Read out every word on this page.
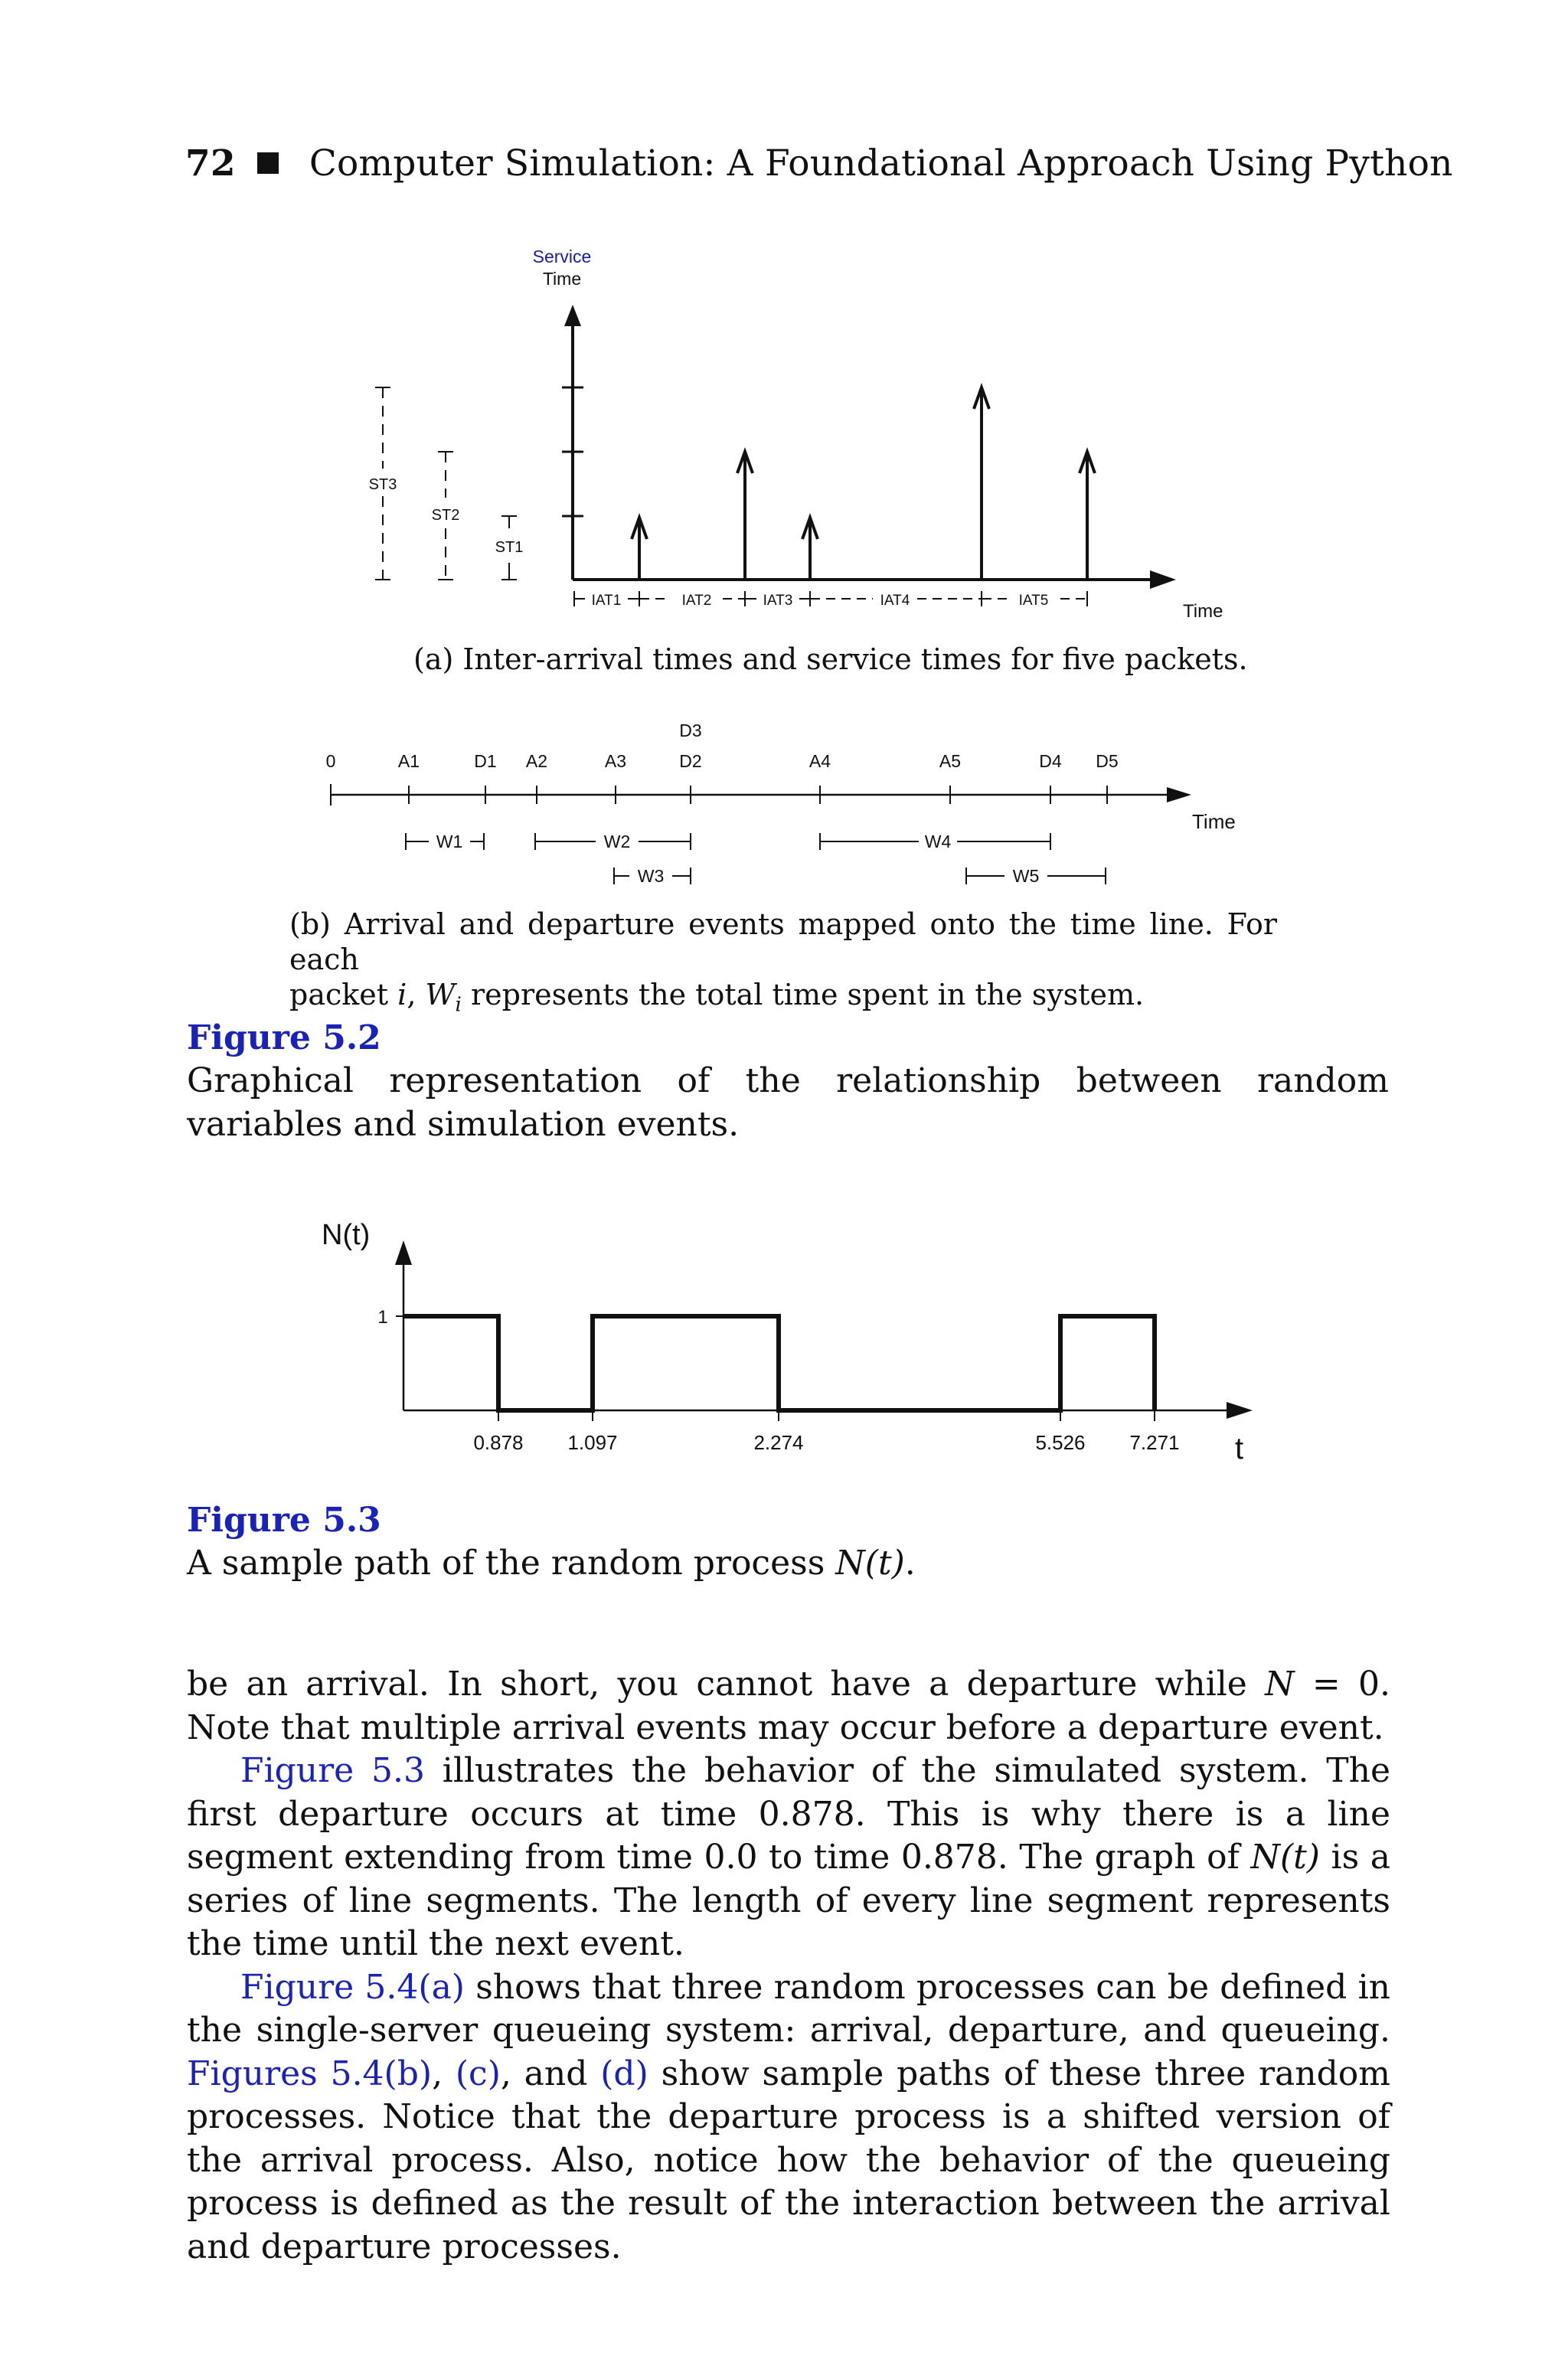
72 Computer Simulation: A Foundational Approach Using Python
Service
Time
Time
ST3
ST2
ST1
IAT1	IAT2	IAT3	IAT4	IAT5
(a) Inter-arrival times and service times for five packets.
0	A1	D1 A2	A3
D3
D2	A4	A5	D4 D5
Time
W1	W2
W3
W4
W5
(b) Arrival and departure events mapped onto the time line. For each
packet i, $W_i$ represents the total time spent in the system.
Figure 5.2
Graphical representation of the relationship between random variables and simulation events.
N(t)
t
1
0.878 1.097	2.274	5.526 7.271
Figure 5.3
A sample path of the random process N(t).

be an arrival. In short, you cannot have a departure while N = 0. Note that multiple arrival events may occur before a departure event.

Figure 5.3 illustrates the behavior of the simulated system. The first departure occurs at time 0.878. This is why there is a line segment extending from time 0.0 to time 0.878. The graph of N(t) is a series of line segments. The length of every line segment represents the time until the next event.

Figure 5.4(a) shows that three random processes can be defined in the single-server queueing system: arrival, departure, and queueing. Figures 5.4(b), (c), and (d) show sample paths of these three random processes. Notice that the departure process is a shifted version of the arrival process. Also, notice how the behavior of the queueing process is defined as the result of the interaction between the arrival and departure processes.
